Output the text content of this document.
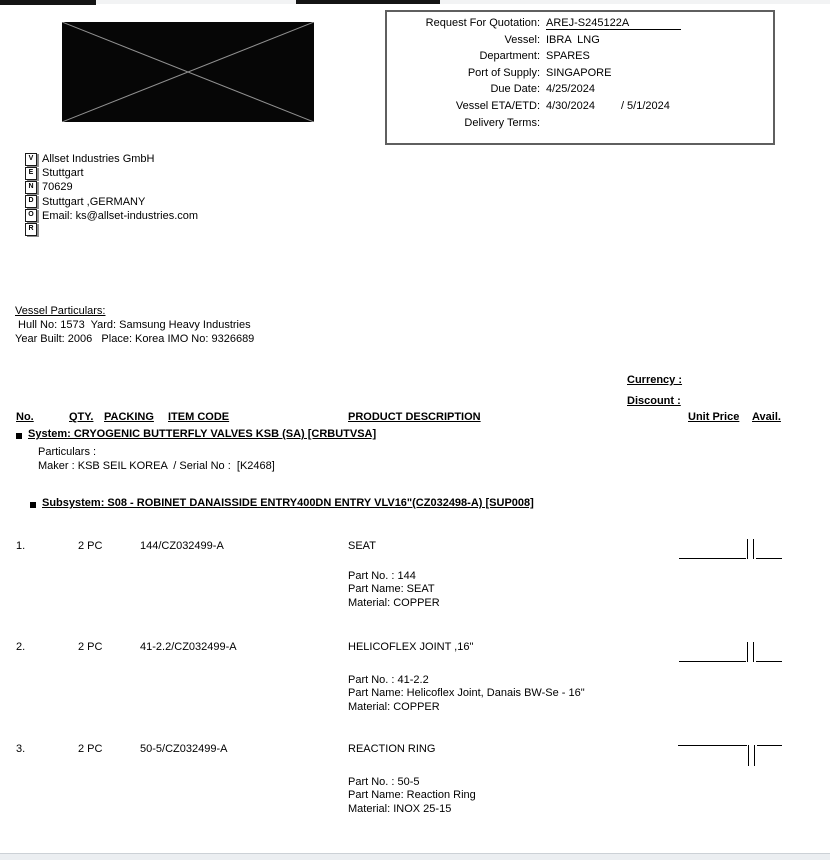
Request For Quotation: AREJ-S245122A
Vessel: IBRA  LNG
Department: SPARES
Port of Supply: SINGAPORE
Due Date: 4/25/2024
Vessel ETA/ETD: 4/30/2024 / 5/1/2024
Delivery Terms:
V
E
N
D
O
R
Allset Industries GmbH
Stuttgart
70629
Stuttgart ,GERMANY
Email: ks@allset-industries.com
Vessel Particulars:
Hull No: 1573  Yard: Samsung Heavy Industries
Year Built: 2006   Place: Korea IMO No: 9326689
Currency :
Discount :
No.	QTY. PACKING ITEM CODE	PRODUCT DESCRIPTION	Unit Price Avail.
System: CRYOGENIC BUTTERFLY VALVES KSB (SA) [CRBUTVSA]
Particulars :
Maker : KSB SEIL KOREA  / Serial No :  [K2468]
Subsystem: S08 - ROBINET DANAISSIDE ENTRY400DN ENTRY VLV16"(CZ032498-A) [SUP008]
1.	2 PC	144/CZ032499-A	SEAT
Part No. : 144
Part Name: SEAT
Material: COPPER
2.	2 PC	41-2.2/CZ032499-A	HELICOFLEX JOINT ,16"
Part No. : 41-2.2
Part Name: Helicoflex Joint, Danais BW-Se - 16"
Material: COPPER
3.	2 PC	50-5/CZ032499-A	REACTION RING
Part No. : 50-5
Part Name: Reaction Ring
Material: INOX 25-15
